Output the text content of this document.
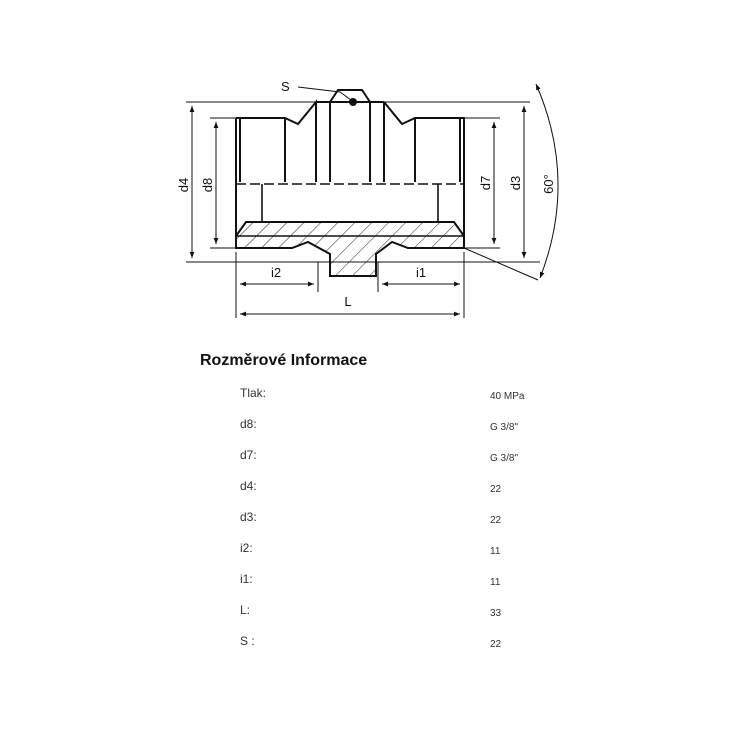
S
d4 d8	d7 d3 60°
i2	i1
L
Rozměrové Informace
Tlak:	40 MPa
d8:	G 3/8"
d7:	G 3/8"
d4:	22
d3:	22
i2:	11
i1:	11
L:	33
S :	22
